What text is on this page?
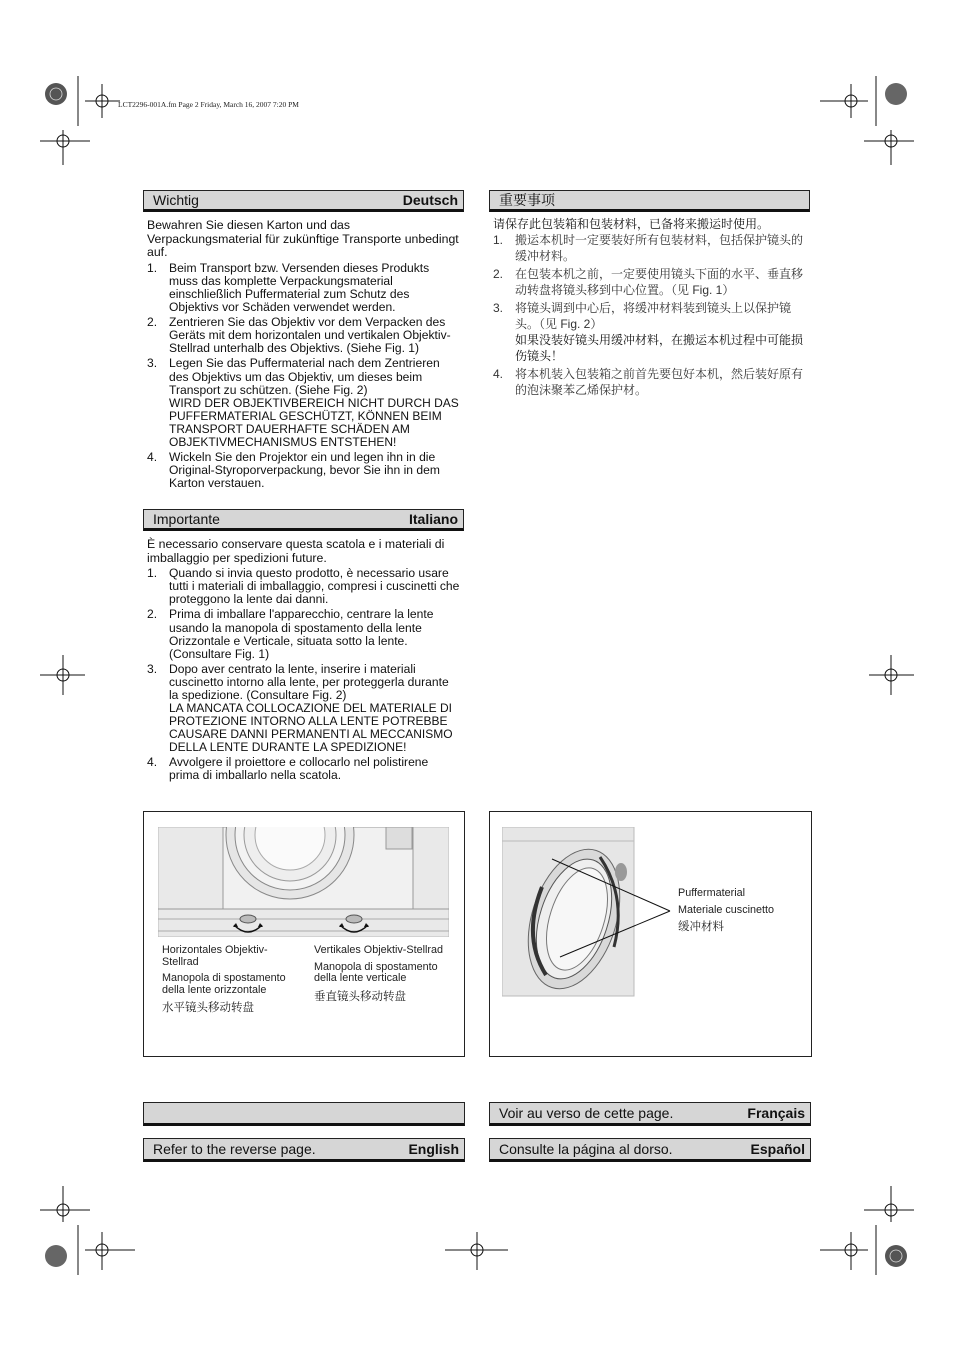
LCT2296-001A.fm Page 2 Friday, March 16, 2007 7:20 PM
Wichtig	Deutsch
Bewahren Sie diesen Karton und das Verpackungsmaterial für zukünftige Transporte unbedingt auf.
1. Beim Transport bzw. Versenden dieses Produkts muss das komplette Verpackungsmaterial einschließlich Puffermaterial zum Schutz des Objektivs vor Schäden verwendet werden.
2. Zentrieren Sie das Objektiv vor dem Verpacken des Geräts mit dem horizontalen und vertikalen Objektiv-Stellrad unterhalb des Objektivs. (Siehe Fig. 1)
3. Legen Sie das Puffermaterial nach dem Zentrieren des Objektivs um das Objektiv, um dieses beim Transport zu schützen. (Siehe Fig. 2)
WIRD DER OBJEKTIVBEREICH NICHT DURCH DAS PUFFERMATERIAL GESCHÜTZT, KÖNNEN BEIM TRANSPORT DAUERHAFTE SCHÄDEN AM OBJEKTIVMECHANISMUS ENTSTEHEN!
4. Wickeln Sie den Projektor ein und legen ihn in die Original-Styroporverpackung, bevor Sie ihn in dem Karton verstauen.
Importante	Italiano
È necessario conservare questa scatola e i materiali di imballaggio per spedizioni future.
1. Quando si invia questo prodotto, è necessario usare tutti i materiali di imballaggio, compresi i cuscinetti che proteggono la lente dai danni.
2. Prima di imballare l'apparecchio, centrare la lente usando la manopola di spostamento della lente Orizzontale e Verticale, situata sotto la lente. (Consultare Fig. 1)
3. Dopo aver centrato la lente, inserire i materiali cuscinetto intorno alla lente, per proteggerla durante la spedizione. (Consultare Fig. 2)
LA MANCATA COLLOCAZIONE DEL MATERIALE DI PROTEZIONE INTORNO ALLA LENTE POTREBBE CAUSARE DANNI PERMANENTI AL MECCANISMO DELLA LENTE DURANTE LA SPEDIZIONE!
4. Avvolgere il proiettore e collocarlo nel polistirene prima di imballarlo nella scatola.
重要事项
请保存此包装箱和包装材料，已备将来搬运时使用。
1. 搬运本机时一定要装好所有包装材料，包括保护镜头的缓冲材料。
2. 在包装本机之前，一定要使用镜头下面的水平、垂直移动转盘将镜头移到中心位置。（见 Fig. 1）
3. 将镜头调到中心后，将缓冲材料装到镜头上以保护镜头。（见 Fig. 2）
如果没装好镜头用缓冲材料，在搬运本机过程中可能损伤镜头！
4. 将本机装入包装箱之前首先要包好本机，然后装好原有的泡沫聚苯乙烯保护材。
Horizontales Objektiv-Stellrad
Manopola di spostamento della lente orizzontale
水平镜头移动转盘
Vertikales Objektiv-Stellrad
Manopola di spostamento della lente verticale
垂直镜头移动转盘
Puffermaterial
Materiale cuscinetto
缓冲材料
Refer to the reverse page.	English
Voir au verso de cette page.	Français
Consulte la página al dorso.	Español
